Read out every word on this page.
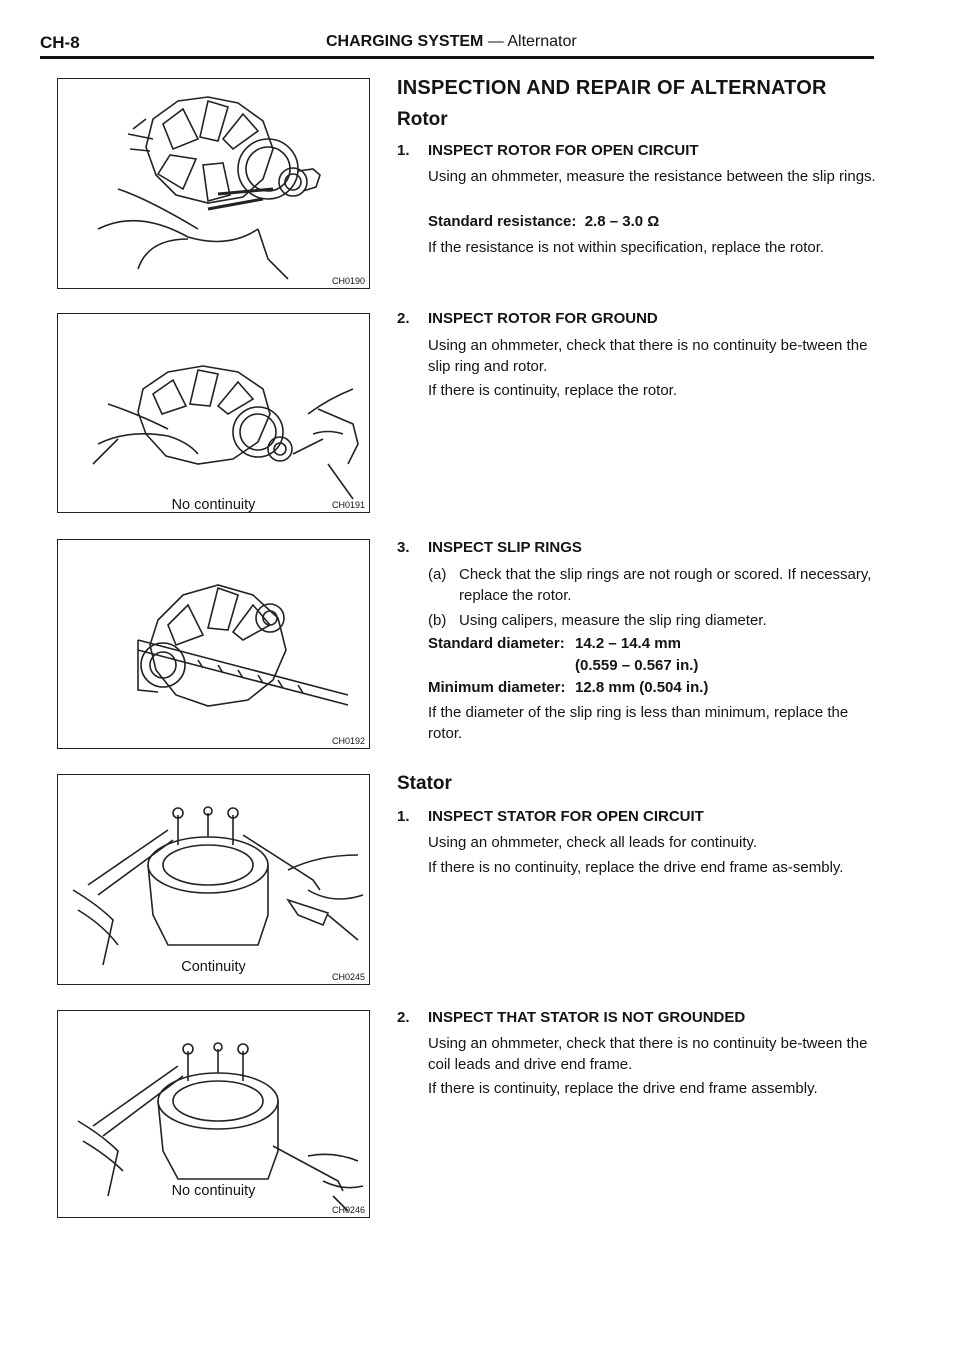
CH-8	CHARGING SYSTEM — Alternator
CH0190
No continuity	CH0191
CH0192
Continuity
CH0245
No continuity
CH0246
INSPECTION AND REPAIR OF ALTERNATOR
Rotor
1. INSPECT ROTOR FOR OPEN CIRCUIT

Using an ohmmeter, measure the resistance between the slip rings.

Standard resistance: 2.8 – 3.0 Ω

If the resistance is not within specification, replace the rotor.

2. INSPECT ROTOR FOR GROUND

Using an ohmmeter, check that there is no continuity be-tween the slip ring and rotor.

If there is continuity, replace the rotor.

3. INSPECT SLIP RINGS
(a) Check that the slip rings are not rough or scored. If necessary, replace the rotor.
(b) Using calipers, measure the slip ring diameter.
Standard diameter: 14.2 – 14.4 mm
(0.559 – 0.567 in.)
Minimum diameter: 12.8 mm (0.504 in.)

If the diameter of the slip ring is less than minimum, replace the rotor.

Stator
1. INSPECT STATOR FOR OPEN CIRCUIT

Using an ohmmeter, check all leads for continuity.

If there is no continuity, replace the drive end frame as-sembly.

2. INSPECT THAT STATOR IS NOT GROUNDED

Using an ohmmeter, check that there is no continuity be-tween the coil leads and drive end frame.

If there is continuity, replace the drive end frame assembly.
